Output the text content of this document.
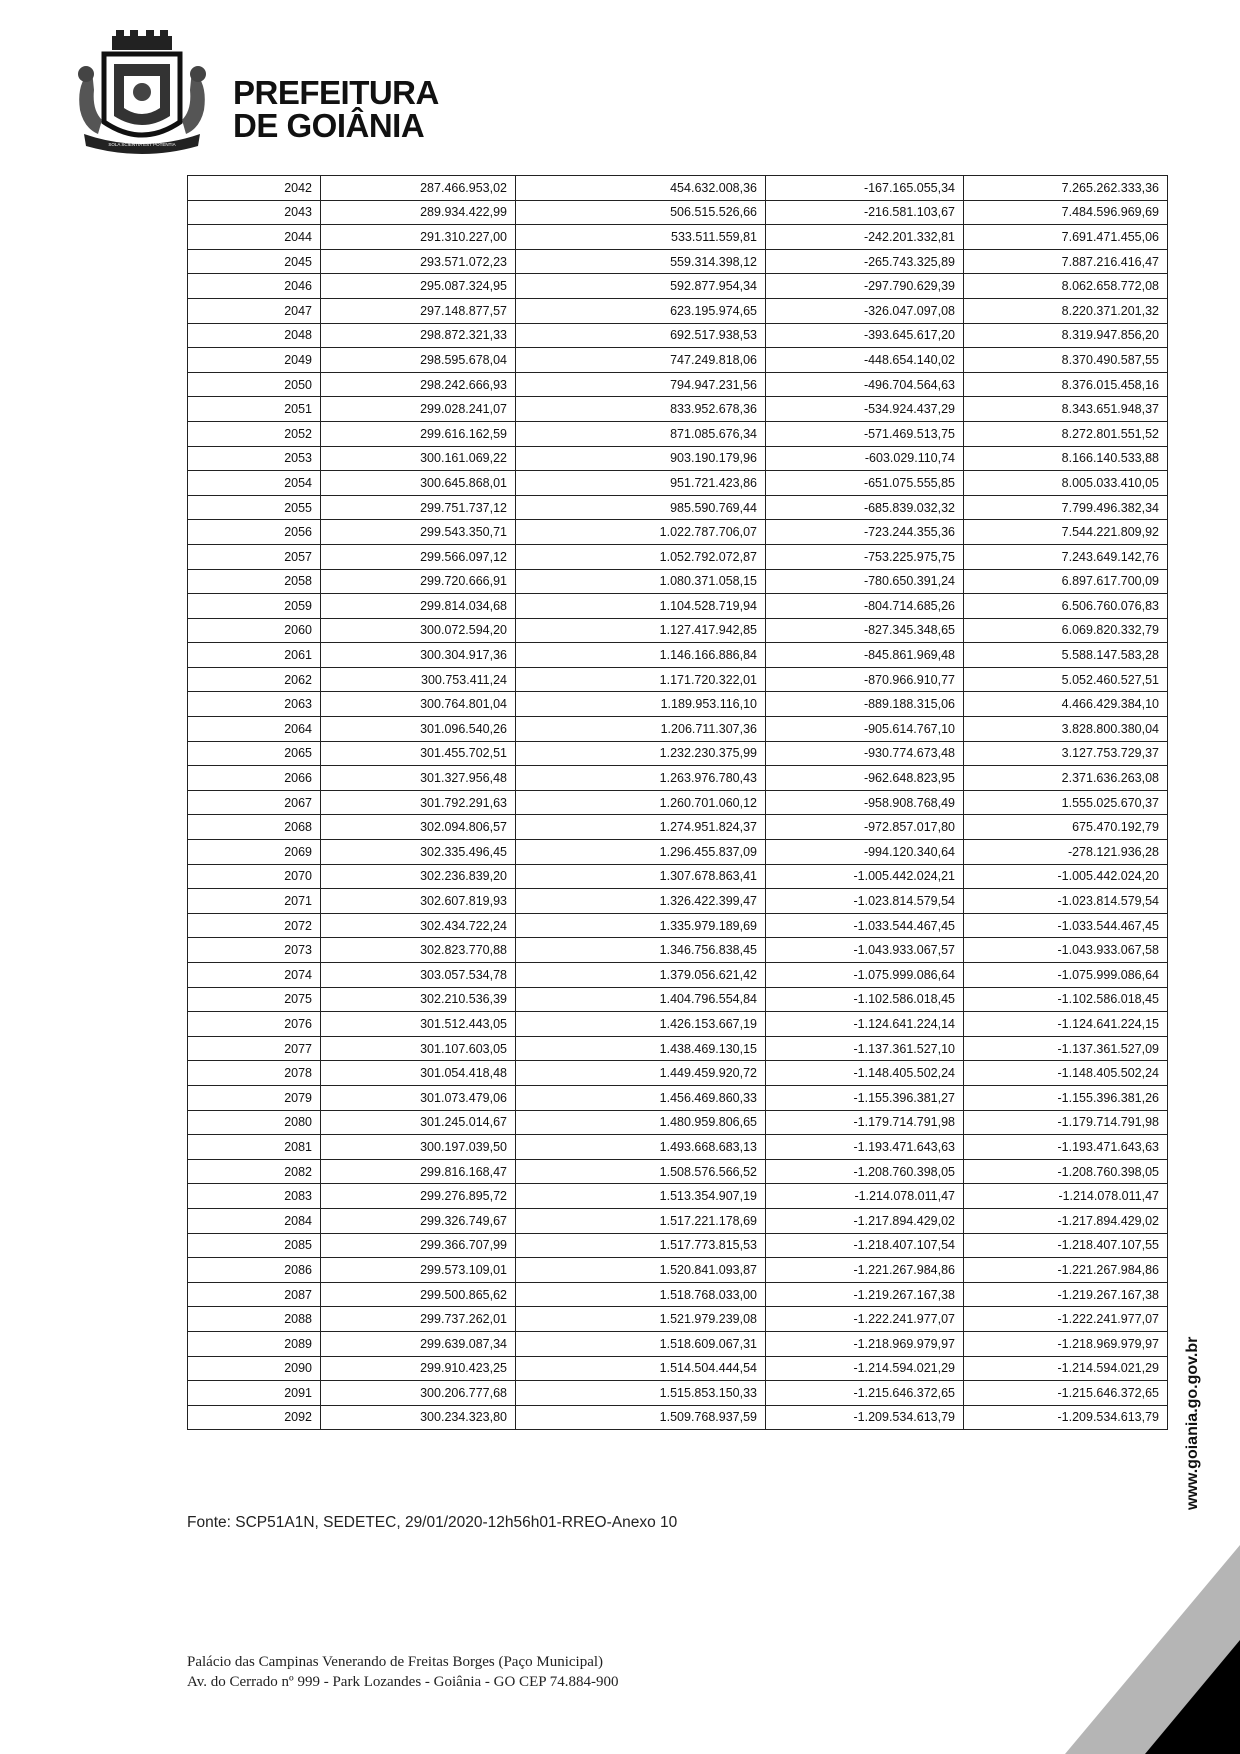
SOLA SCIENTIA EST POTENTIA
PREFEITURA
DE GOIÂNIA
2042	287.466.953,02	454.632.008,36	-167.165.055,34	7.265.262.333,36
2043	289.934.422,99	506.515.526,66	-216.581.103,67	7.484.596.969,69
2044	291.310.227,00	533.511.559,81	-242.201.332,81	7.691.471.455,06
2045	293.571.072,23	559.314.398,12	-265.743.325,89	7.887.216.416,47
2046	295.087.324,95	592.877.954,34	-297.790.629,39	8.062.658.772,08
2047	297.148.877,57	623.195.974,65	-326.047.097,08	8.220.371.201,32
2048	298.872.321,33	692.517.938,53	-393.645.617,20	8.319.947.856,20
2049	298.595.678,04	747.249.818,06	-448.654.140,02	8.370.490.587,55
2050	298.242.666,93	794.947.231,56	-496.704.564,63	8.376.015.458,16
2051	299.028.241,07	833.952.678,36	-534.924.437,29	8.343.651.948,37
2052	299.616.162,59	871.085.676,34	-571.469.513,75	8.272.801.551,52
2053	300.161.069,22	903.190.179,96	-603.029.110,74	8.166.140.533,88
2054	300.645.868,01	951.721.423,86	-651.075.555,85	8.005.033.410,05
2055	299.751.737,12	985.590.769,44	-685.839.032,32	7.799.496.382,34
2056	299.543.350,71	1.022.787.706,07	-723.244.355,36	7.544.221.809,92
2057	299.566.097,12	1.052.792.072,87	-753.225.975,75	7.243.649.142,76
2058	299.720.666,91	1.080.371.058,15	-780.650.391,24	6.897.617.700,09
2059	299.814.034,68	1.104.528.719,94	-804.714.685,26	6.506.760.076,83
2060	300.072.594,20	1.127.417.942,85	-827.345.348,65	6.069.820.332,79
2061	300.304.917,36	1.146.166.886,84	-845.861.969,48	5.588.147.583,28
2062	300.753.411,24	1.171.720.322,01	-870.966.910,77	5.052.460.527,51
2063	300.764.801,04	1.189.953.116,10	-889.188.315,06	4.466.429.384,10
2064	301.096.540,26	1.206.711.307,36	-905.614.767,10	3.828.800.380,04
2065	301.455.702,51	1.232.230.375,99	-930.774.673,48	3.127.753.729,37
2066	301.327.956,48	1.263.976.780,43	-962.648.823,95	2.371.636.263,08
2067	301.792.291,63	1.260.701.060,12	-958.908.768,49	1.555.025.670,37
2068	302.094.806,57	1.274.951.824,37	-972.857.017,80	675.470.192,79
2069	302.335.496,45	1.296.455.837,09	-994.120.340,64	-278.121.936,28
2070	302.236.839,20	1.307.678.863,41	-1.005.442.024,21	-1.005.442.024,20
2071	302.607.819,93	1.326.422.399,47	-1.023.814.579,54	-1.023.814.579,54
2072	302.434.722,24	1.335.979.189,69	-1.033.544.467,45	-1.033.544.467,45
2073	302.823.770,88	1.346.756.838,45	-1.043.933.067,57	-1.043.933.067,58
2074	303.057.534,78	1.379.056.621,42	-1.075.999.086,64	-1.075.999.086,64
2075	302.210.536,39	1.404.796.554,84	-1.102.586.018,45	-1.102.586.018,45
2076	301.512.443,05	1.426.153.667,19	-1.124.641.224,14	-1.124.641.224,15
2077	301.107.603,05	1.438.469.130,15	-1.137.361.527,10	-1.137.361.527,09
2078	301.054.418,48	1.449.459.920,72	-1.148.405.502,24	-1.148.405.502,24
2079	301.073.479,06	1.456.469.860,33	-1.155.396.381,27	-1.155.396.381,26
2080	301.245.014,67	1.480.959.806,65	-1.179.714.791,98	-1.179.714.791,98
2081	300.197.039,50	1.493.668.683,13	-1.193.471.643,63	-1.193.471.643,63
2082	299.816.168,47	1.508.576.566,52	-1.208.760.398,05	-1.208.760.398,05
2083	299.276.895,72	1.513.354.907,19	-1.214.078.011,47	-1.214.078.011,47
2084	299.326.749,67	1.517.221.178,69	-1.217.894.429,02	-1.217.894.429,02
2085	299.366.707,99	1.517.773.815,53	-1.218.407.107,54	-1.218.407.107,55
2086	299.573.109,01	1.520.841.093,87	-1.221.267.984,86	-1.221.267.984,86
2087	299.500.865,62	1.518.768.033,00	-1.219.267.167,38	-1.219.267.167,38
2088	299.737.262,01	1.521.979.239,08	-1.222.241.977,07	-1.222.241.977,07
2089	299.639.087,34	1.518.609.067,31	-1.218.969.979,97	-1.218.969.979,97
2090	299.910.423,25	1.514.504.444,54	-1.214.594.021,29	-1.214.594.021,29
2091	300.206.777,68	1.515.853.150,33	-1.215.646.372,65	-1.215.646.372,65
2092	300.234.323,80	1.509.768.937,59	-1.209.534.613,79	-1.209.534.613,79
Fonte: SCP51A1N, SEDETEC, 29/01/2020-12h56h01-RREO-Anexo 10
Palácio das Campinas Venerando de Freitas Borges (Paço Municipal)
Av. do Cerrado nº 999 - Park Lozandes - Goiânia - GO CEP 74.884-900
www.goiania.go.gov.br
